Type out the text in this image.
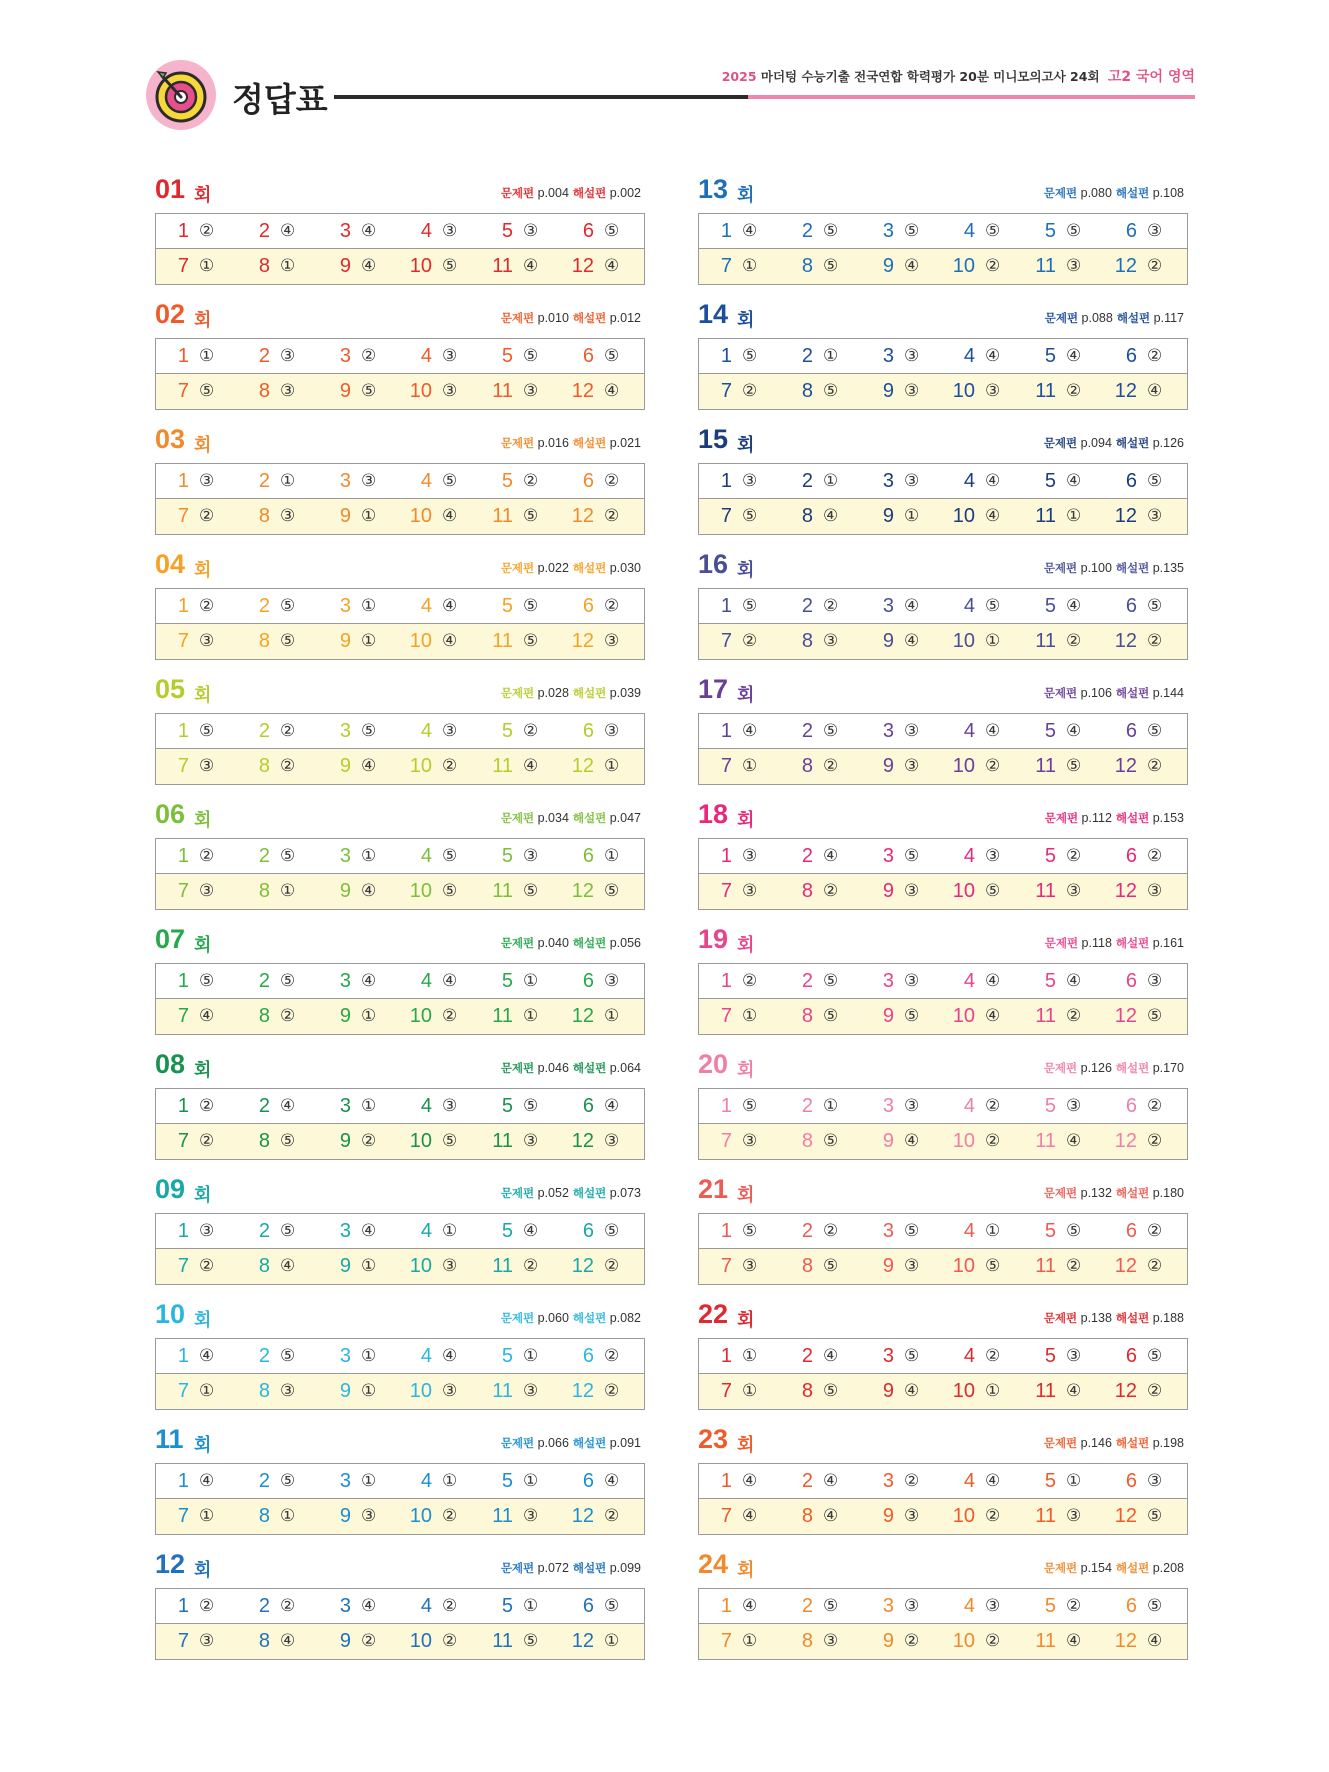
정답표
2025 마더텅 수능기출 전국연합 학력평가 20분 미니모의고사 24회 고2 국어 영역
01 회	문제편 p.004 해설편 p.002
1 ② 2 ④ 3 ④ 4 ③ 5 ③ 6 ⑤
7 ① 8 ① 9 ④ 10 ⑤ 11 ④ 12 ④
02 회	문제편 p.010 해설편 p.012
1 ① 2 ③ 3 ② 4 ③ 5 ⑤ 6 ⑤
7 ⑤ 8 ③ 9 ⑤ 10 ③ 11 ③ 12 ④
03 회	문제편 p.016 해설편 p.021
1 ③ 2 ① 3 ③ 4 ⑤ 5 ② 6 ②
7 ② 8 ③ 9 ① 10 ④ 11 ⑤ 12 ②
04 회	문제편 p.022 해설편 p.030
1 ② 2 ⑤ 3 ① 4 ④ 5 ⑤ 6 ②
7 ③ 8 ⑤ 9 ① 10 ④ 11 ⑤ 12 ③
05 회	문제편 p.028 해설편 p.039
1 ⑤ 2 ② 3 ⑤ 4 ③ 5 ② 6 ③
7 ③ 8 ② 9 ④ 10 ② 11 ④ 12 ①
06 회	문제편 p.034 해설편 p.047
1 ② 2 ⑤ 3 ① 4 ⑤ 5 ③ 6 ①
7 ③ 8 ① 9 ④ 10 ⑤ 11 ⑤ 12 ⑤
07 회	문제편 p.040 해설편 p.056
1 ⑤ 2 ⑤ 3 ④ 4 ④ 5 ① 6 ③
7 ④ 8 ② 9 ① 10 ② 11 ① 12 ①
08 회	문제편 p.046 해설편 p.064
1 ② 2 ④ 3 ① 4 ③ 5 ⑤ 6 ④
7 ② 8 ⑤ 9 ② 10 ⑤ 11 ③ 12 ③
09 회	문제편 p.052 해설편 p.073
1 ③ 2 ⑤ 3 ④ 4 ① 5 ④ 6 ⑤
7 ② 8 ④ 9 ① 10 ③ 11 ② 12 ②
10 회	문제편 p.060 해설편 p.082
1 ④ 2 ⑤ 3 ① 4 ④ 5 ① 6 ②
7 ① 8 ③ 9 ① 10 ③ 11 ③ 12 ②
11 회	문제편 p.066 해설편 p.091
1 ④ 2 ⑤ 3 ① 4 ① 5 ① 6 ④
7 ① 8 ① 9 ③ 10 ② 11 ③ 12 ②
12 회	문제편 p.072 해설편 p.099
1 ② 2 ② 3 ④ 4 ② 5 ① 6 ⑤
7 ③ 8 ④ 9 ② 10 ② 11 ⑤ 12 ①
13 회	문제편 p.080 해설편 p.108
1 ④ 2 ⑤ 3 ⑤ 4 ⑤ 5 ⑤ 6 ③
7 ① 8 ⑤ 9 ④ 10 ② 11 ③ 12 ②
14 회	문제편 p.088 해설편 p.117
1 ⑤ 2 ① 3 ③ 4 ④ 5 ④ 6 ②
7 ② 8 ⑤ 9 ③ 10 ③ 11 ② 12 ④
15 회	문제편 p.094 해설편 p.126
1 ③ 2 ① 3 ③ 4 ④ 5 ④ 6 ⑤
7 ⑤ 8 ④ 9 ① 10 ④ 11 ① 12 ③
16 회	문제편 p.100 해설편 p.135
1 ⑤ 2 ② 3 ④ 4 ⑤ 5 ④ 6 ⑤
7 ② 8 ③ 9 ④ 10 ① 11 ② 12 ②
17 회	문제편 p.106 해설편 p.144
1 ④ 2 ⑤ 3 ③ 4 ④ 5 ④ 6 ⑤
7 ① 8 ② 9 ③ 10 ② 11 ⑤ 12 ②
18 회	문제편 p.112 해설편 p.153
1 ③ 2 ④ 3 ⑤ 4 ③ 5 ② 6 ②
7 ③ 8 ② 9 ③ 10 ⑤ 11 ③ 12 ③
19 회	문제편 p.118 해설편 p.161
1 ② 2 ⑤ 3 ③ 4 ④ 5 ④ 6 ③
7 ① 8 ⑤ 9 ⑤ 10 ④ 11 ② 12 ⑤
20 회	문제편 p.126 해설편 p.170
1 ⑤ 2 ① 3 ③ 4 ② 5 ③ 6 ②
7 ③ 8 ⑤ 9 ④ 10 ② 11 ④ 12 ②
21 회	문제편 p.132 해설편 p.180
1 ⑤ 2 ② 3 ⑤ 4 ① 5 ⑤ 6 ②
7 ③ 8 ⑤ 9 ③ 10 ⑤ 11 ② 12 ②
22 회	문제편 p.138 해설편 p.188
1 ① 2 ④ 3 ⑤ 4 ② 5 ③ 6 ⑤
7 ① 8 ⑤ 9 ④ 10 ① 11 ④ 12 ②
23 회	문제편 p.146 해설편 p.198
1 ④ 2 ④ 3 ② 4 ④ 5 ① 6 ③
7 ④ 8 ④ 9 ③ 10 ② 11 ③ 12 ⑤
24 회	문제편 p.154 해설편 p.208
1 ④ 2 ⑤ 3 ③ 4 ③ 5 ② 6 ⑤
7 ① 8 ③ 9 ② 10 ② 11 ④ 12 ④
